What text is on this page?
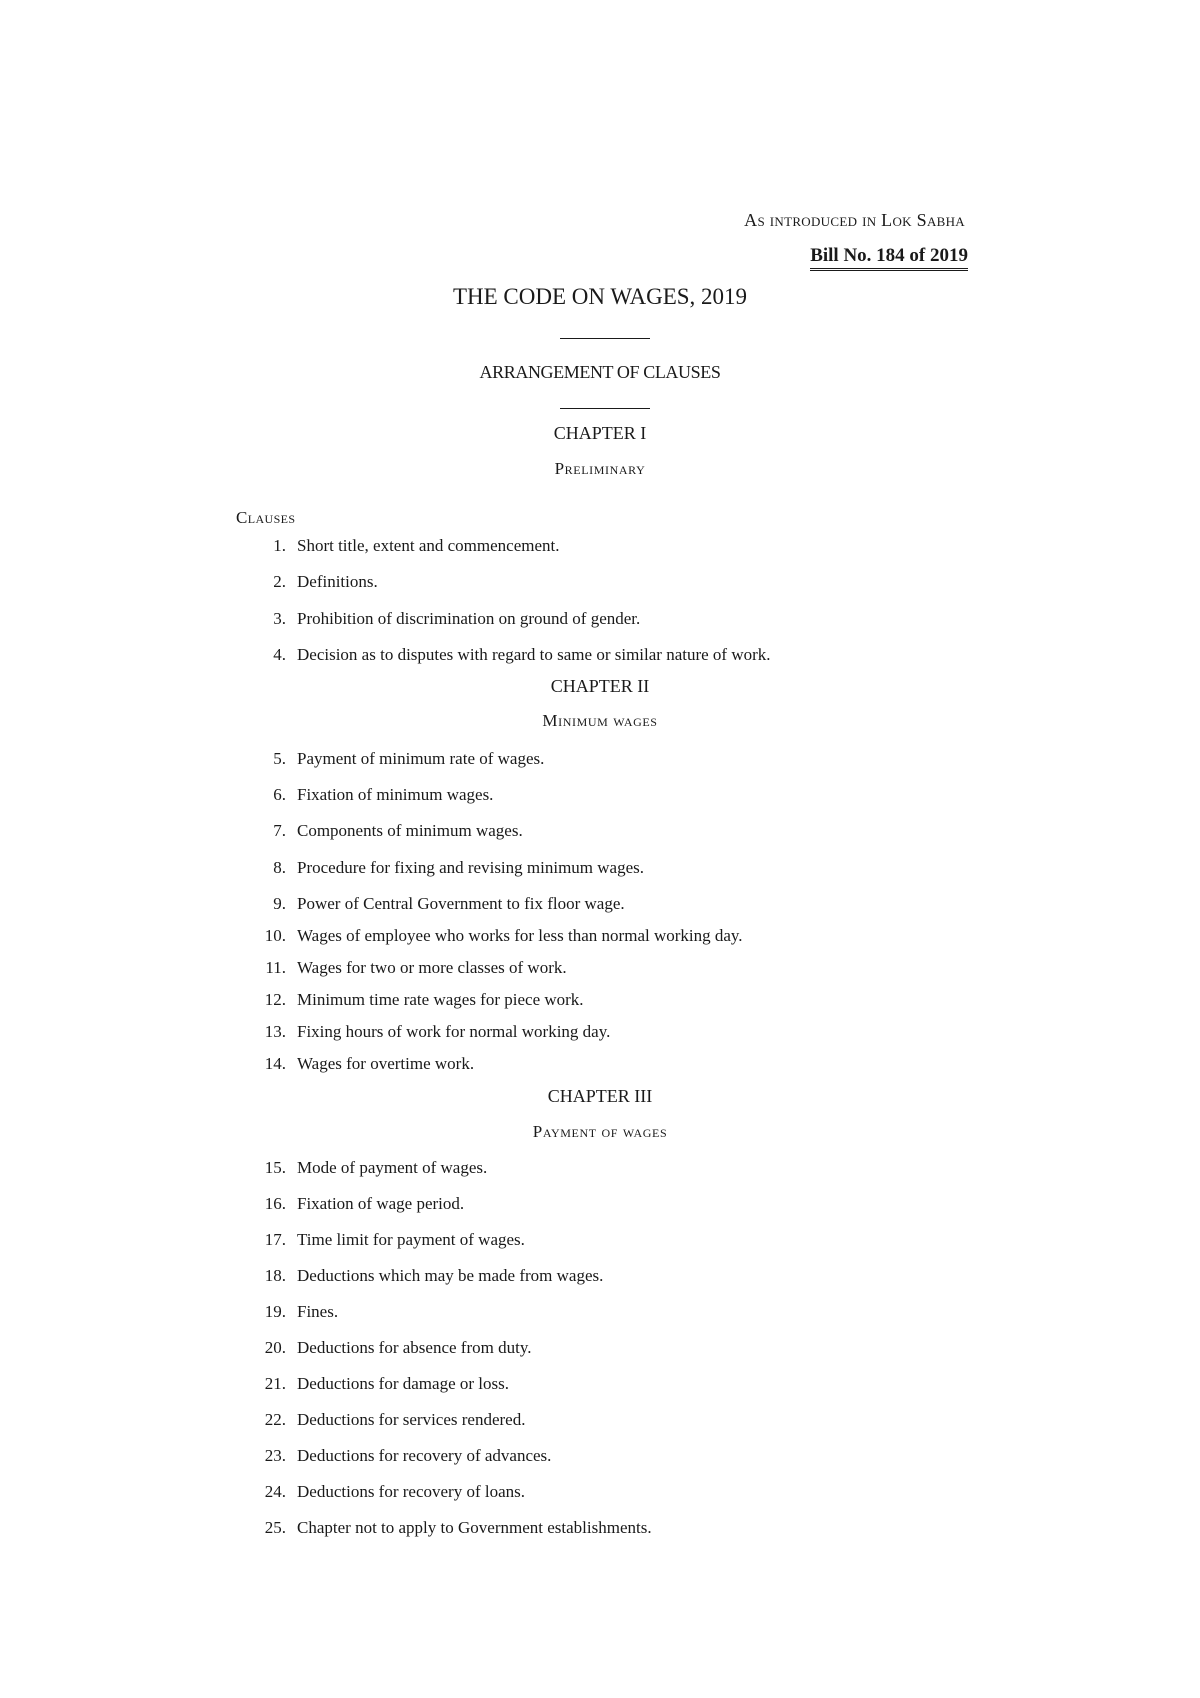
As introduced in Lok Sabha
Bill No. 184 of 2019
THE CODE ON WAGES, 2019
ARRANGEMENT OF CLAUSES
Clauses
CHAPTER I
Preliminary
1. Short title, extent and commencement.
2. Definitions.
3. Prohibition of discrimination on ground of gender.
4. Decision as to disputes with regard to same or similar nature of work.
CHAPTER II
Minimum wages
5. Payment of minimum rate of wages.
6. Fixation of minimum wages.
7. Components of minimum wages.
8. Procedure for fixing and revising minimum wages.
9. Power of Central Government to fix floor wage.
10. Wages of employee who works for less than normal working day.
11. Wages for two or more classes of work.
12. Minimum time rate wages for piece work.
13. Fixing hours of work for normal working day.
14. Wages for overtime work.
CHAPTER III
Payment of wages
15. Mode of payment of wages.
16. Fixation of wage period.
17. Time limit for payment of wages.
18. Deductions which may be made from wages.
19. Fines.
20. Deductions for absence from duty.
21. Deductions for damage or loss.
22. Deductions for services rendered.
23. Deductions for recovery of advances.
24. Deductions for recovery of loans.
25. Chapter not to apply to Government establishments.
